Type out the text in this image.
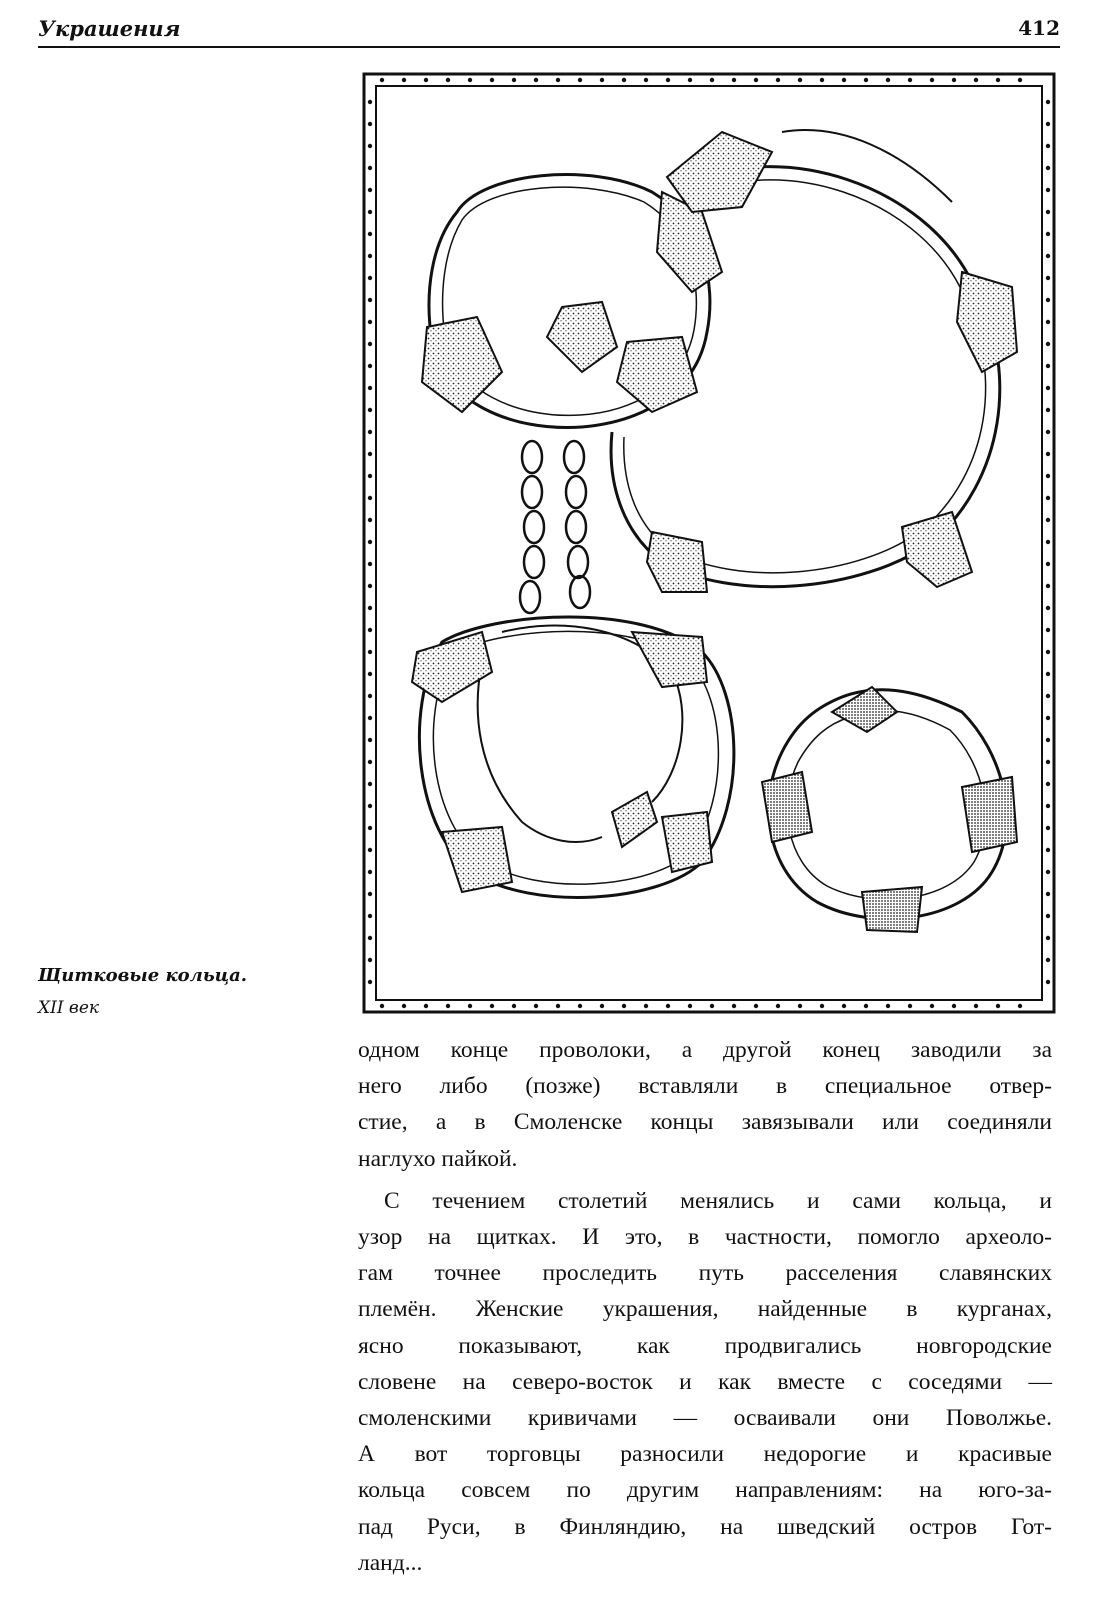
Украшения	412
Щитковые кольца.
XII век
одном конце проволоки, а другой конец заводили за
него либо (позже) вставляли в специальное отвер-
стие, а в Смоленске концы завязывали или соединяли
наглухо пайкой.
С течением столетий менялись и сами кольца, и
узор на щитках. И это, в частности, помогло археоло-
гам точнее проследить путь расселения славянских
племён. Женские украшения, найденные в курганах,
ясно показывают, как продвигались новгородские
словене на северо-восток и как вместе с соседями —
смоленскими кривичами — осваивали они Поволжье.
А вот торговцы разносили недорогие и красивые
кольца совсем по другим направлениям: на юго-за-
пад Руси, в Финляндию, на шведский остров Гот-
ланд...
